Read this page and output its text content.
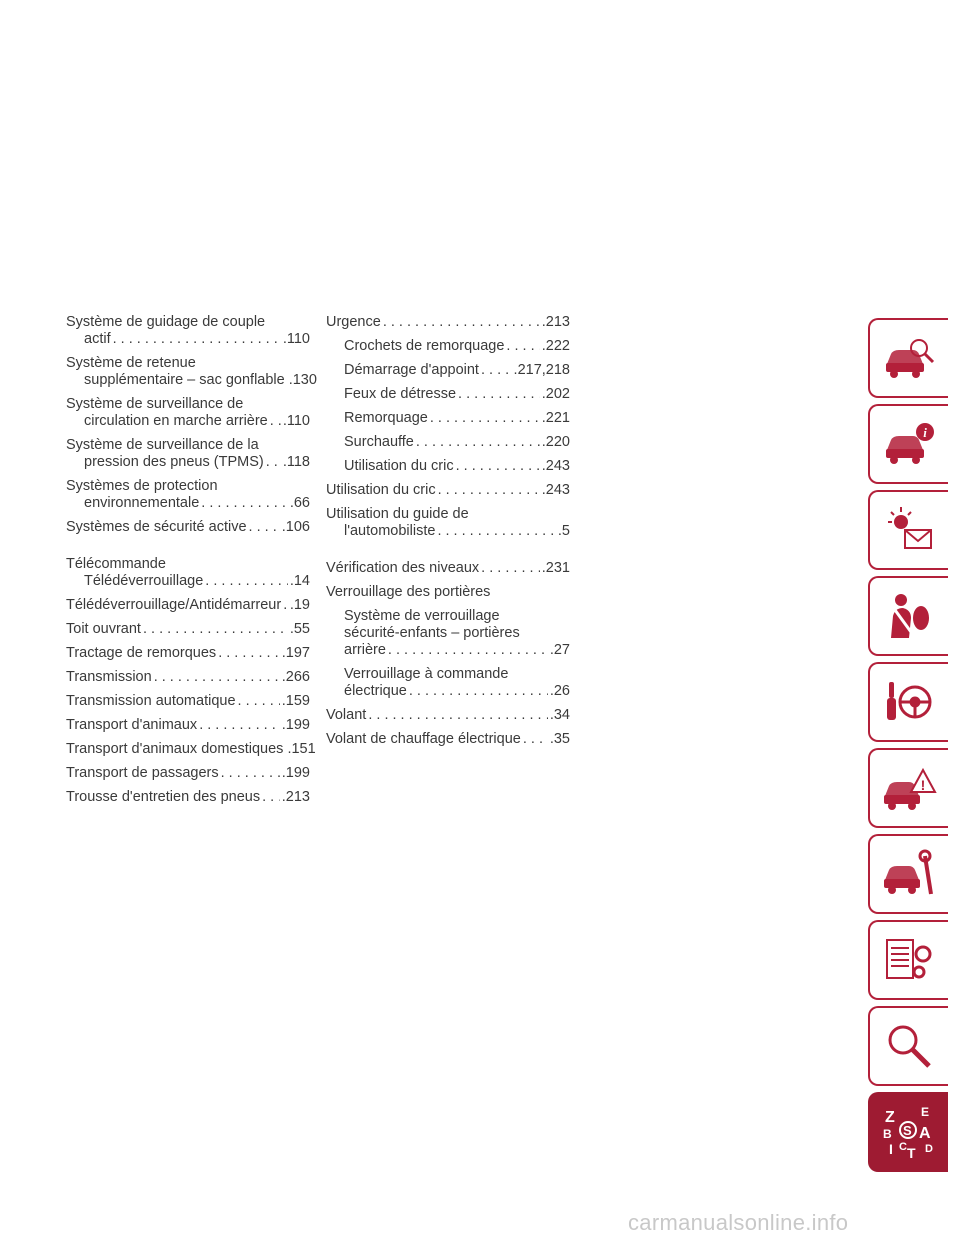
Système de guidage de couple
actif . . .	.110
Système de retenue
supplémentaire – sac gonflable .130
Système de surveillance de
circulation en marche arrière . . . .110
Système de surveillance de la
pression des pneus (TPMS) . . . .118
Systèmes de protection
environnementale . . .	.66
Systèmes de sécurité active . . . .106
Télécommande
Télédéverrouillage . . .	.14
Télédéverrouillage/Antidémarreur . . . .19
Toit ouvrant . . .	.55
Tractage de remorques . . .	.197
Transmission . . .	.266
Transmission automatique . . .	.159
Transport d'animaux . . .	.199
Transport d'animaux domestiques .151
Transport de passagers . . .	.199
Trousse d'entretien des pneus . . . .213
Urgence . . .	.213
Crochets de remorquage . . .	.222
Démarrage d'appoint . . . .217,218
Feux de détresse . . .	.202
Remorquage . . .	.221
Surchauffe . . .	.220
Utilisation du cric . . .	.243
Utilisation du cric . . .	.243
Utilisation du guide de
l'automobiliste . . .	.5
Vérification des niveaux . . .	.231
Verrouillage des portières
Système de verrouillage
sécurité-enfants – portières
arrière . . .	.27
Verrouillage à commande
électrique . . .	.26
Volant . . .	.34
Volant de chauffage électrique . . . .35
i
!
Z E
B S A
I C T D
carmanualsonline.info
